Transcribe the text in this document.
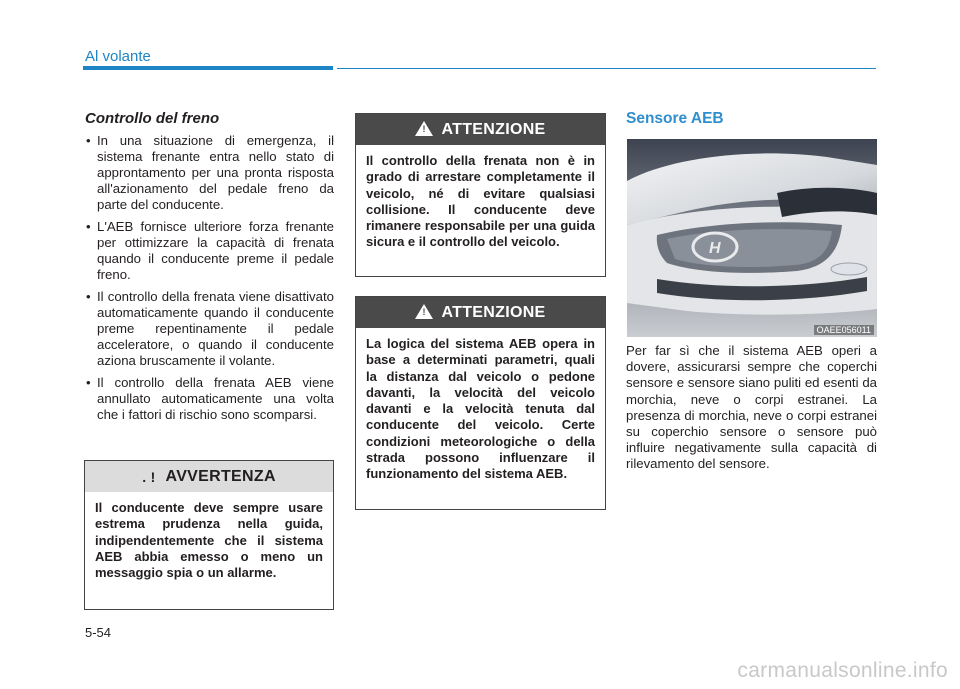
Al volante

Controllo del freno

• In una situazione di emergenza, il sistema frenante entra nello stato di approntamento per una pronta risposta all'azionamento del pedale freno da parte del conducente.
• L'AEB fornisce ulteriore forza frenante per ottimizzare la capacità di frenata quando il conducente preme il pedale freno.
• Il controllo della frenata viene disattivato automaticamente quando il conducente preme repentinamente il pedale acceleratore, o quando il conducente aziona bruscamente il volante.
• Il controllo della frenata AEB viene annullato automaticamente una volta che i fattori di rischio sono scomparsi.
. ! AVVERTENZA
Il conducente deve sempre usare estrema prudenza nella guida, indipendentemente che il sistema AEB abbia emesso o meno un messaggio spia o un allarme.
!
ATTENZIONE
Il controllo della frenata non è in grado di arrestare completamente il veicolo, né di evitare qualsiasi collisione. Il conducente deve rimanere responsabile per una guida sicura e il controllo del veicolo.
!
ATTENZIONE
La logica del sistema AEB opera in base a determinati parametri, quali la distanza dal veicolo o pedone davanti, la velocità del veicolo davanti e la velocità tenuta dal conducente del veicolo. Certe condizioni meteorologiche o della strada possono influenzare il funzionamento del sistema AEB.

Sensore AEB

H
OAEE056011

Per far sì che il sistema AEB operi a dovere, assicurarsi sempre che coperchi sensore e sensore siano puliti ed esenti da morchia, neve o corpi estranei. La presenza di morchia, neve o corpi estranei su coperchio sensore o sensore può influire negativamente sulla capacità di rilevamento del sensore.

5-54
carmanualsonline.info
